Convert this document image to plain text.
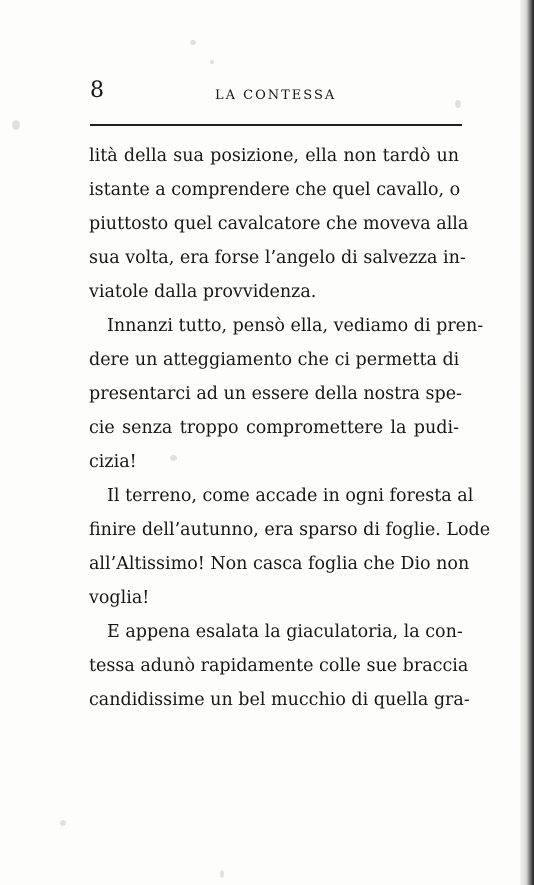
8	LA CONTESSA
lità della sua posizione, ella non tardò un
istante a comprendere che quel cavallo, o
piuttosto quel cavalcatore che moveva alla
sua volta, era forse l’angelo di salvezza in-
viatole dalla provvidenza.
Innanzi tutto, pensò ella, vediamo di pren-
dere un atteggiamento che ci permetta di
presentarci ad un essere della nostra spe-
cie senza troppo compromettere la pudi-
cizia!
Il terreno, come accade in ogni foresta al
finire dell’autunno, era sparso di foglie. Lode
all’Altissimo! Non casca foglia che Dio non
voglia!
E appena esalata la giaculatoria, la con-
tessa adunò rapidamente colle sue braccia
candidissime un bel mucchio di quella gra-
